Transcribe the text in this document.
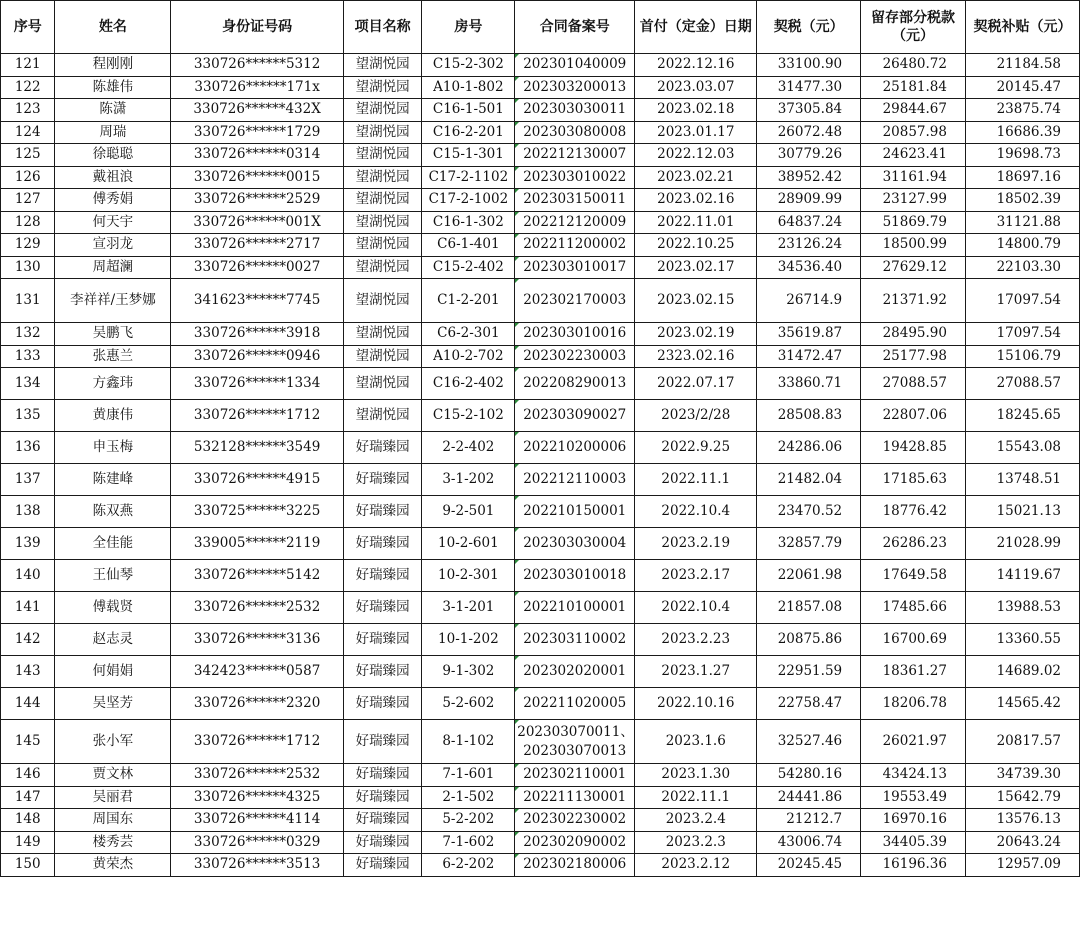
序号	姓名	身份证号码	项目名称	房号	合同备案号	首付（定金）日期	契税（元）	留存部分税款（元）	契税补贴（元）
121	程刚刚	330726******5312	望湖悦园	C15-2-302	202301040009	2022.12.16	33100.90	26480.72	21184.58
122	陈雄伟	330726******171x	望湖悦园	A10-1-802	202303200013	2023.03.07	31477.30	25181.84	20145.47
123	陈潇	330726******432X	望湖悦园	C16-1-501	202303030011	2023.02.18	37305.84	29844.67	23875.74
124	周瑞	330726******1729	望湖悦园	C16-2-201	202303080008	2023.01.17	26072.48	20857.98	16686.39
125	徐聪聪	330726******0314	望湖悦园	C15-1-301	202212130007	2022.12.03	30779.26	24623.41	19698.73
126	戴祖浪	330726******0015	望湖悦园	C17-2-1102	202303010022	2023.02.21	38952.42	31161.94	18697.16
127	傅秀娟	330726******2529	望湖悦园	C17-2-1002	202303150011	2023.02.16	28909.99	23127.99	18502.39
128	何天宇	330726******001X	望湖悦园	C16-1-302	202212120009	2022.11.01	64837.24	51869.79	31121.88
129	宣羽龙	330726******2717	望湖悦园	C6-1-401	202211200002	2022.10.25	23126.24	18500.99	14800.79
130	周超澜	330726******0027	望湖悦园	C15-2-402	202303010017	2023.02.17	34536.40	27629.12	22103.30
131	李祥祥/王梦娜	341623******7745	望湖悦园	C1-2-201	202302170003	2023.02.15	26714.9	21371.92	17097.54
132	吴鹏飞	330726******3918	望湖悦园	C6-2-301	202303010016	2023.02.19	35619.87	28495.90	17097.54
133	张惠兰	330726******0946	望湖悦园	A10-2-702	202302230003	2323.02.16	31472.47	25177.98	15106.79
134	方鑫玮	330726******1334	望湖悦园	C16-2-402	202208290013	2022.07.17	33860.71	27088.57	27088.57
135	黄康伟	330726******1712	望湖悦园	C15-2-102	202303090027	2023/2/28	28508.83	22807.06	18245.65
136	申玉梅	532128******3549	好瑞臻园	2-2-402	202210200006	2022.9.25	24286.06	19428.85	15543.08
137	陈建峰	330726******4915	好瑞臻园	3-1-202	202212110003	2022.11.1	21482.04	17185.63	13748.51
138	陈双燕	330725******3225	好瑞臻园	9-2-501	202210150001	2022.10.4	23470.52	18776.42	15021.13
139	全佳能	339005******2119	好瑞臻园	10-2-601	202303030004	2023.2.19	32857.79	26286.23	21028.99
140	王仙琴	330726******5142	好瑞臻园	10-2-301	202303010018	2023.2.17	22061.98	17649.58	14119.67
141	傅载贤	330726******2532	好瑞臻园	3-1-201	202210100001	2022.10.4	21857.08	17485.66	13988.53
142	赵志灵	330726******3136	好瑞臻园	10-1-202	202303110002	2023.2.23	20875.86	16700.69	13360.55
143	何娟娟	342423******0587	好瑞臻园	9-1-302	202302020001	2023.1.27	22951.59	18361.27	14689.02
144	吴坚芳	330726******2320	好瑞臻园	5-2-602	202211020005	2022.10.16	22758.47	18206.78	14565.42
145	张小军	330726******1712	好瑞臻园	8-1-102	202303070011、202303070013	2023.1.6	32527.46	26021.97	20817.57
146	贾文林	330726******2532	好瑞臻园	7-1-601	202302110001	2023.1.30	54280.16	43424.13	34739.30
147	吴丽君	330726******4325	好瑞臻园	2-1-502	202211130001	2022.11.1	24441.86	19553.49	15642.79
148	周国东	330726******4114	好瑞臻园	5-2-202	202302230002	2023.2.4	21212.7	16970.16	13576.13
149	楼秀芸	330726******0329	好瑞臻园	7-1-602	202302090002	2023.2.3	43006.74	34405.39	20643.24
150	黄荣杰	330726******3513	好瑞臻园	6-2-202	202302180006	2023.2.12	20245.45	16196.36	12957.09
